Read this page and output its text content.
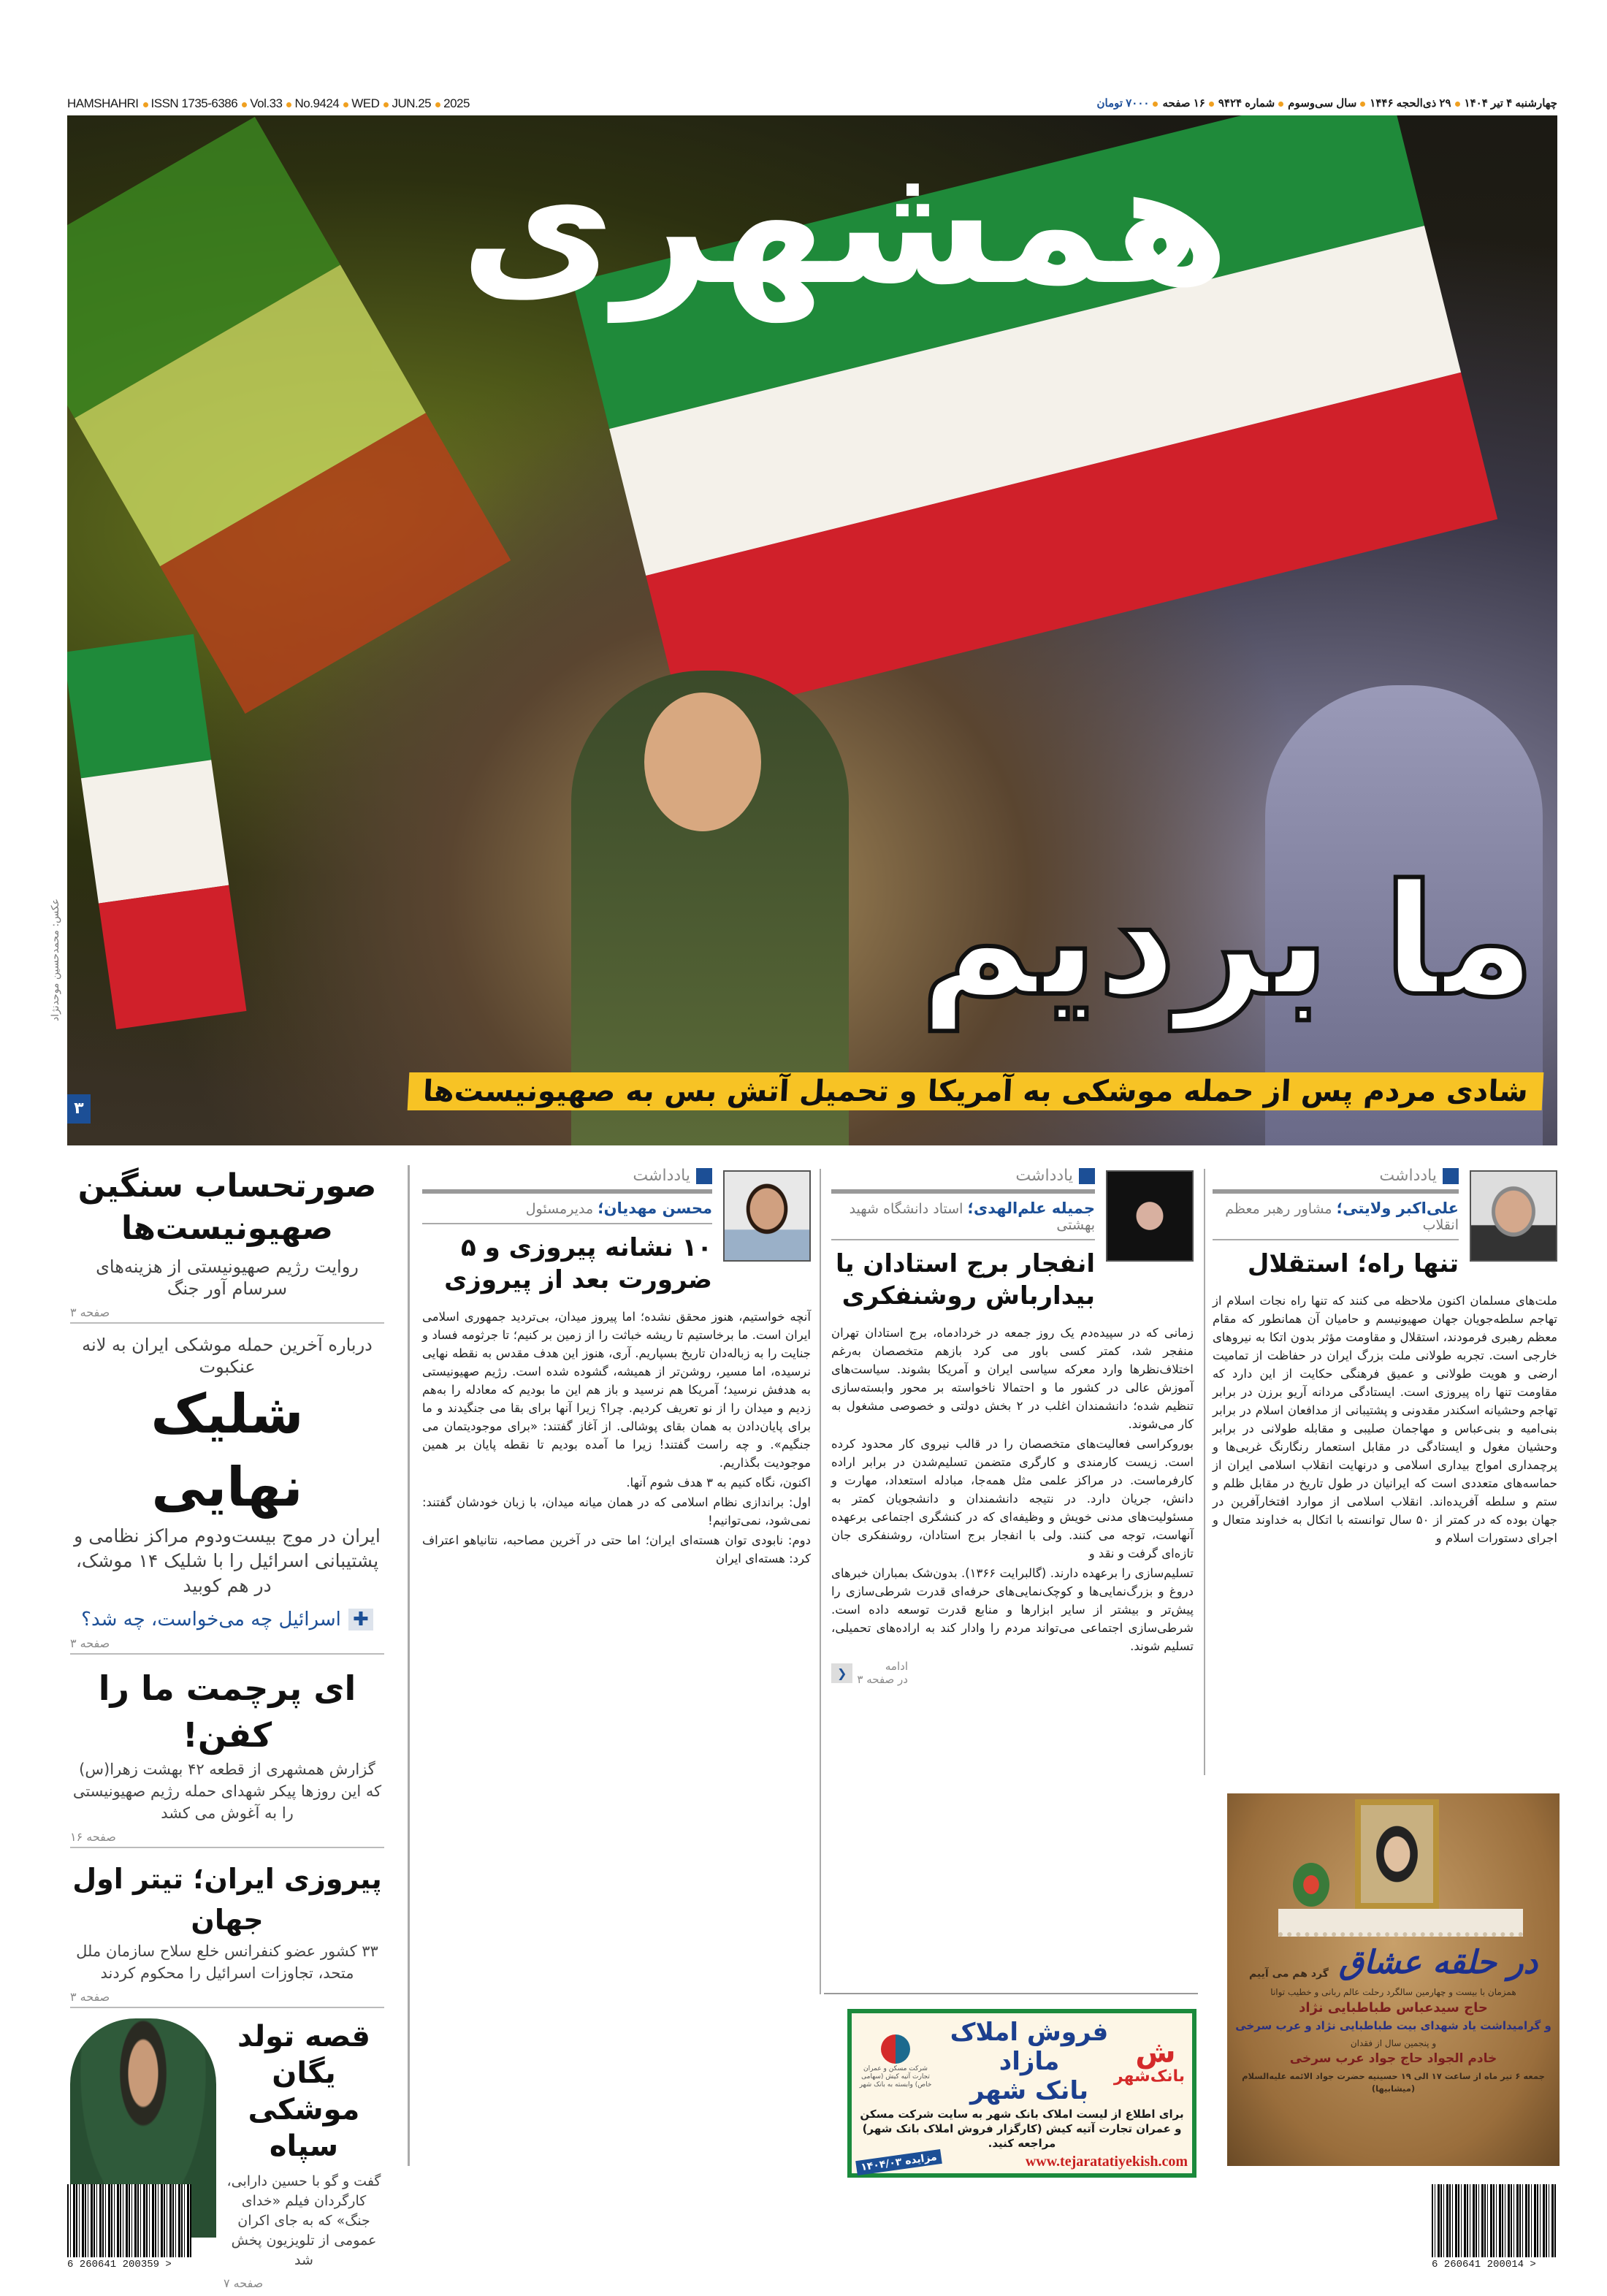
HAMSHAHRI	ISSN 1735-6386	Vol.33	No.9424	WED	JUN.25	2025	چهارشنبه ۴ تیر ۱۴۰۴
۲۹ ذی‌الحجه ۱۴۴۶
سال سی‌وسوم
شماره ۹۴۲۴
۱۶ صفحه
۷۰۰۰ تومان
همشهری
ما بردیم
شادی مردم پس از حمله موشکی به آمریکا و تحمیل آتش بس به صهیونیست‌ها
۳
عکس: محمدحسین موحدنژاد
صورتحساب سنگین صهیونیست‌ها
روایت رژیم صهیونیستی از هزینه‌های سرسام آور جنگ
صفحه ۳
درباره آخرین حمله موشکی ایران به لانه عنکبوت
شلیک نهایی
ایران در موج بیست‌ودوم مراکز نظامی و پشتیبانی اسرائیل را با شلیک ۱۴ موشک، در هم کوبید
✚
اسرائیل چه می‌خواست، چه شد؟
صفحه ۳
ای پرچمت ما را کفن!
گزارش همشهری از قطعه ۴۲ بهشت زهرا(س) که این روزها پیکر شهدای حمله رژیم صهیونیستی را به آغوش می کشد
صفحه ۱۶
پیروزی ایران؛ تیتر اول جهان
۳۳ کشور عضو کنفرانس خلع سلاح سازمان ملل متحد، تجاوزات اسرائیل را محکوم کردند
صفحه ۳
قصه تولد یگان موشکی سپاه
گفت و گو با حسین دارابی، کارگردان فیلم «خدای جنگ» که به جای اکران عمومی از تلویزیون پخش شد
صفحه ۷
یادداشت
علی‌اکبر ولایتی؛ مشاور رهبر معظم انقلاب
تنها راه؛ استقلال

ملت‌های مسلمان اکنون ملاحظه می کنند که تنها راه نجات اسلام از تهاجم سلطه‌جویان جهان صهیونیسم و حامیان آن همانطور که مقام معظم رهبری فرمودند، استقلال و مقاومت مؤثر بدون اتکا به نیروهای خارجی است. تجربه طولانی ملت بزرگ ایران در حفاظت از تمامیت ارضی و هویت طولانی و عمیق فرهنگی حکایت از این دارد که مقاومت تنها راه پیروزی است. ایستادگی مردانه آریو برزن در برابر تهاجم وحشیانه اسکندر مقدونی و پشتیبانی از مدافعان اسلام در برابر بنی‌امیه و بنی‌عباس و مهاجمان صلیبی و مقابله طولانی در برابر وحشیان مغول و ایستادگی در مقابل استعمار رنگارنگ غربی‌ها و پرچمداری امواج بیداری اسلامی و درنهایت انقلاب اسلامی ایران از حماسه‌های متعددی است که ایرانیان در طول تاریخ در مقابل ظلم و ستم و سلطه آفریده‌اند. انقلاب اسلامی از موارد افتخارآفرین در جهان بوده که در کمتر از ۵۰ سال توانسته با اتکال به خداوند متعال و اجرای دستورات اسلام و

یادداشت
جمیله علم‌الهدی؛ استاد دانشگاه شهید بهشتی
انفجار برج استادان یا بیدارباش روشنفکری

زمانی که در سپیده‌دم یک روز جمعه در خردادماه، برج استادان تهران منفجر شد، کمتر کسی باور می کرد بازهم متخصصان به‌رغم اختلاف‌نظرها وارد معرکه سیاسی ایران و آمریکا بشوند. سیاست‌های آموزش عالی در کشور ما و احتمالا ناخواسته بر محور وابسته‌سازی تنظیم شده؛ دانشمندان اغلب در ۲ بخش دولتی و خصوصی مشغول به کار می‌شوند.

بوروکراسی فعالیت‌های متخصصان را در قالب نیروی کار محدود کرده است. زیست کارمندی و کارگری متضمن تسلیم‌شدن در برابر اراده کارفرماست. در مراکز علمی مثل همه‌جا، مبادله استعداد، مهارت و دانش، جریان دارد. در نتیجه دانشمندان و دانشجویان کمتر به مسئولیت‌های مدنی خویش و وظیفه‌ای که در کنشگری اجتماعی برعهده آنهاست، توجه می کنند. ولی با انفجار برج استادان، روشنفکری جان تازه‌ای گرفت و نقد و

تسلیم‌سازی را برعهده دارند. (گالبرایت ۱۳۶۶). بدون‌شک بمباران خبرهای دروغ و بزرگ‌نمایی‌ها و کوچک‌نمایی‌های حرفه‌ای قدرت شرطی‌سازی را پیش‌تر و بیشتر از سایر ابزارها و منابع قدرت توسعه داده است. شرطی‌سازی اجتماعی می‌تواند مردم را وادار کند به اراده‌های تحمیلی، تسلیم شوند.

ادامه
در صفحه ۳
❮
یادداشت
محسن مهدیان؛ مدیرمسئول
۱۰ نشانه پیروزی و ۵ ضرورت بعد از پیروزی

آنچه خواستیم، هنوز محقق نشده؛ اما پیروز میدان، بی‌تردید جمهوری اسلامی ایران است. ما برخاستیم تا ریشه خباثت را از زمین بر کنیم؛ تا جرثومه فساد و جنایت را به زباله‌دان تاریخ بسپاریم. آری، هنوز این هدف مقدس به نقطه نهایی نرسیده، اما مسیر، روشن‌تر از همیشه، گشوده شده است. رژیم صهیونیستی به هدفش نرسید؛ آمریکا هم نرسید و باز هم این ما بودیم که معادله را به‌هم زدیم و میدان را از نو تعریف کردیم. چرا؟ زیرا آنها برای بقا می جنگیدند و ما برای پایان‌دادن به همان بقای پوشالی. از آغاز گفتند: «برای موجودیتمان می جنگیم». و چه راست گفتند! زیرا ما آمده بودیم تا نقطه پایان بر همین موجودیت بگذاریم.

اکنون، نگاه کنیم به ۳ هدف شوم آنها.

اول: براندازی نظام اسلامی که در همان میانه میدان، با زبان خودشان گفتند: نمی‌شود، نمی‌توانیم!

دوم: نابودی توان هسته‌ای ایران؛ اما حتی در آخرین مصاحبه، نتانیاهو اعتراف کرد: هسته‌ای ایران

ﺵ
بانک‌شهر
فروش املاک مازاد
بانک شهر
شرکت مسکن و عمران تجارت آتیه کیش (سهامی خاص) وابسته به بانک شهر
برای اطلاع از لیست املاک بانک شهر به سایت شرکت مسکن و عمران تجارت آتیه کیش (کارگزار فروش املاک بانک شهر) مراجعه کنید.
مزایده ۱۴۰۴/۰۳	www.tejaratatiyekish.com
در حلقه عشاق
گرد هم می آییم
همزمان با بیست و چهارمین سالگرد رحلت عالم ربانی و خطیب توانا
حاج سیدعباس طباطبایی نژاد
و گرامیداشت یاد شهدای بیت طباطبایی نژاد و عرب سرخی
و پنجمین سال از فقدان
خادم الجواد حاج جواد عرب سرخی
جمعه ۶ تیر ماه از ساعت ۱۷ الی ۱۹ حسینیه حضرت جواد الائمه علیه‌السلام (میشابیها)
6 260641 200359 >	6 260641 200014 >
